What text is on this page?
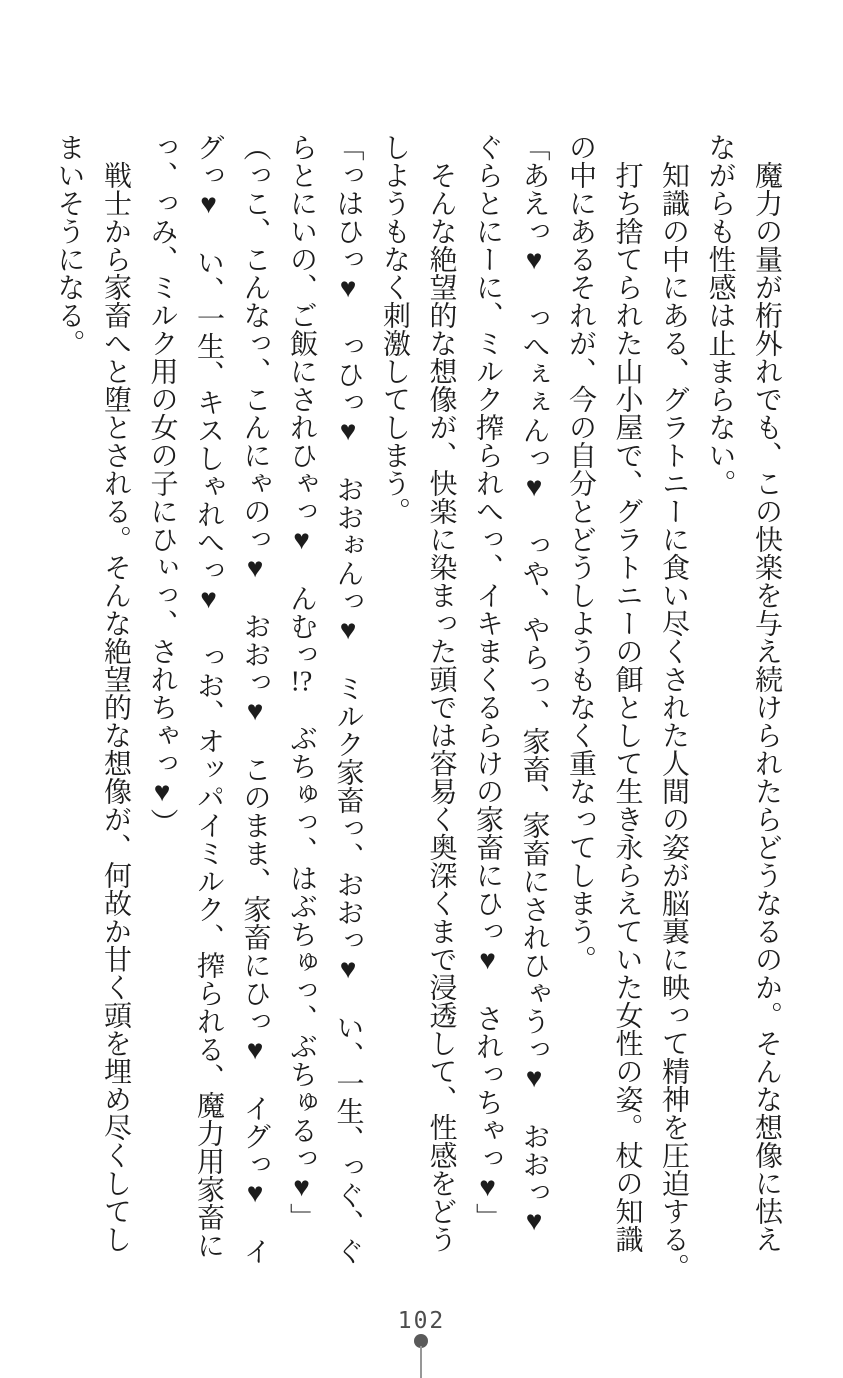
　魔力の量が桁外れでも、この快楽を与え続けられたらどうなるのか。そんな想像に怯え
ながらも性感は止まらない。
　知識の中にある、グラトニーに食い尽くされた人間の姿が脳裏に映って精神を圧迫する。
　打ち捨てられた山小屋で、グラトニーの餌として生き永らえていた女性の姿。杖の知識
の中にあるそれが、今の自分とどうしようもなく重なってしまう。
「あえっ♥　っへぇぇんっ♥　っや、やらっ、家畜、家畜にされひゃうっ♥　おおっ♥
ぐらとにーに、ミルク搾られへっ、イキまくるらけの家畜にひっ♥　されっちゃっ♥」
　そんな絶望的な想像が、快楽に染まった頭では容易く奥深くまで浸透して、性感をどう
しようもなく刺激してしまう。
「っはひっ♥　っひっ♥　おおぉんっ♥　ミルク家畜っ、おおっ♥　い、一生、っぐ、ぐ
らとにいの、ご飯にされひゃっ♥　んむっ!?　ぶちゅっ、はぶちゅっ、ぶちゅるっ♥」
（っこ、こんなっ、こんにゃのっ♥　おおっ♥　このまま、家畜にひっ♥　イグっ♥　イ
グっ♥　い、一生、キスしゃれへっ♥　っお、オッパイミルク、搾られる、魔力用家畜に
っ、っみ、ミルク用の女の子にひぃっ、されちゃっ♥）
　戦士から家畜へと堕とされる。そんな絶望的な想像が、何故か甘く頭を埋め尽くしてし
まいそうになる。
102
